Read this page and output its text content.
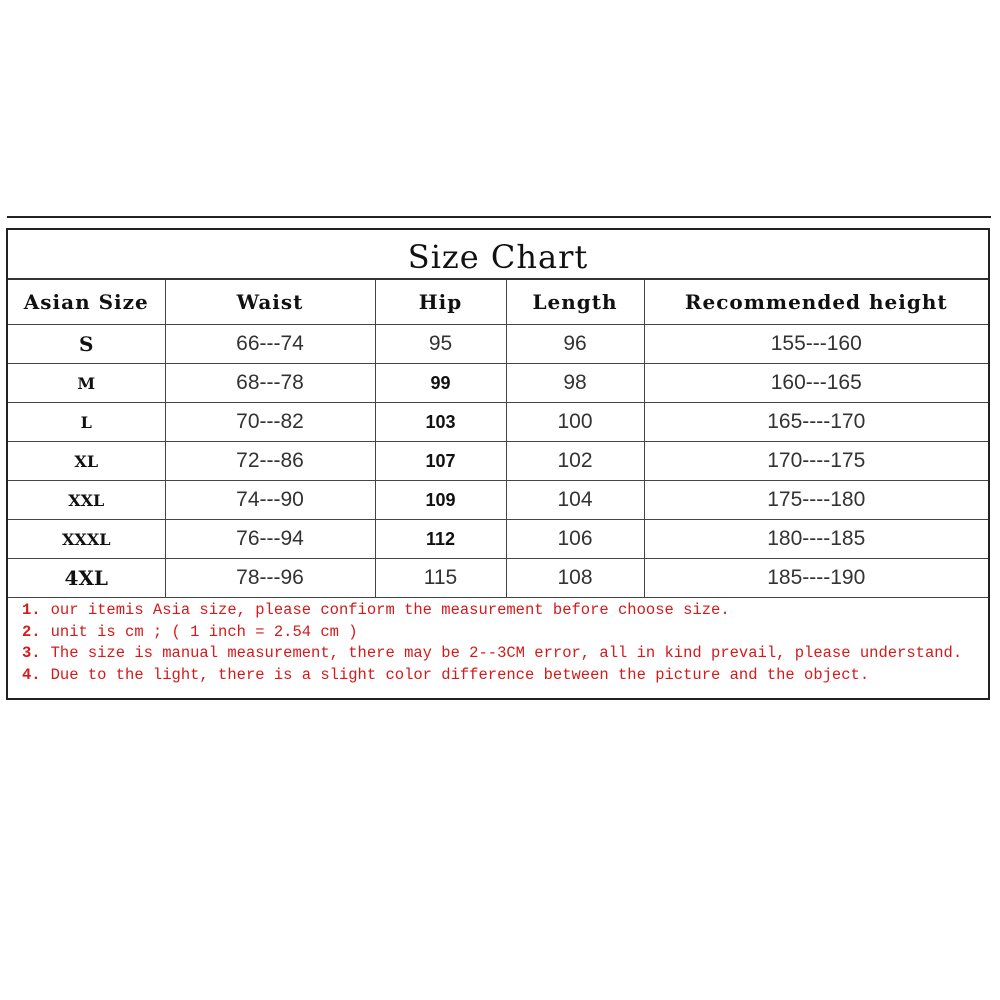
Size Chart
Asian Size	Waist	Hip	Length	Recommended height
S	66---74	95	96	155---160
M	68---78	99	98	160---165
L	70---82	103	100	165----170
XL	72---86	107	102	170----175
XXL	74---90	109	104	175----180
XXXL	76---94	112	106	180----185
4XL	78---96	115	108	185----190
1. our itemis Asia size, please confiorm the measurement before choose size.
2. unit is cm ; ( 1 inch = 2.54 cm )
3. The size is manual measurement, there may be 2--3CM error, all in kind prevail, please understand.
4. Due to the light, there is a slight color difference between the picture and the object.
